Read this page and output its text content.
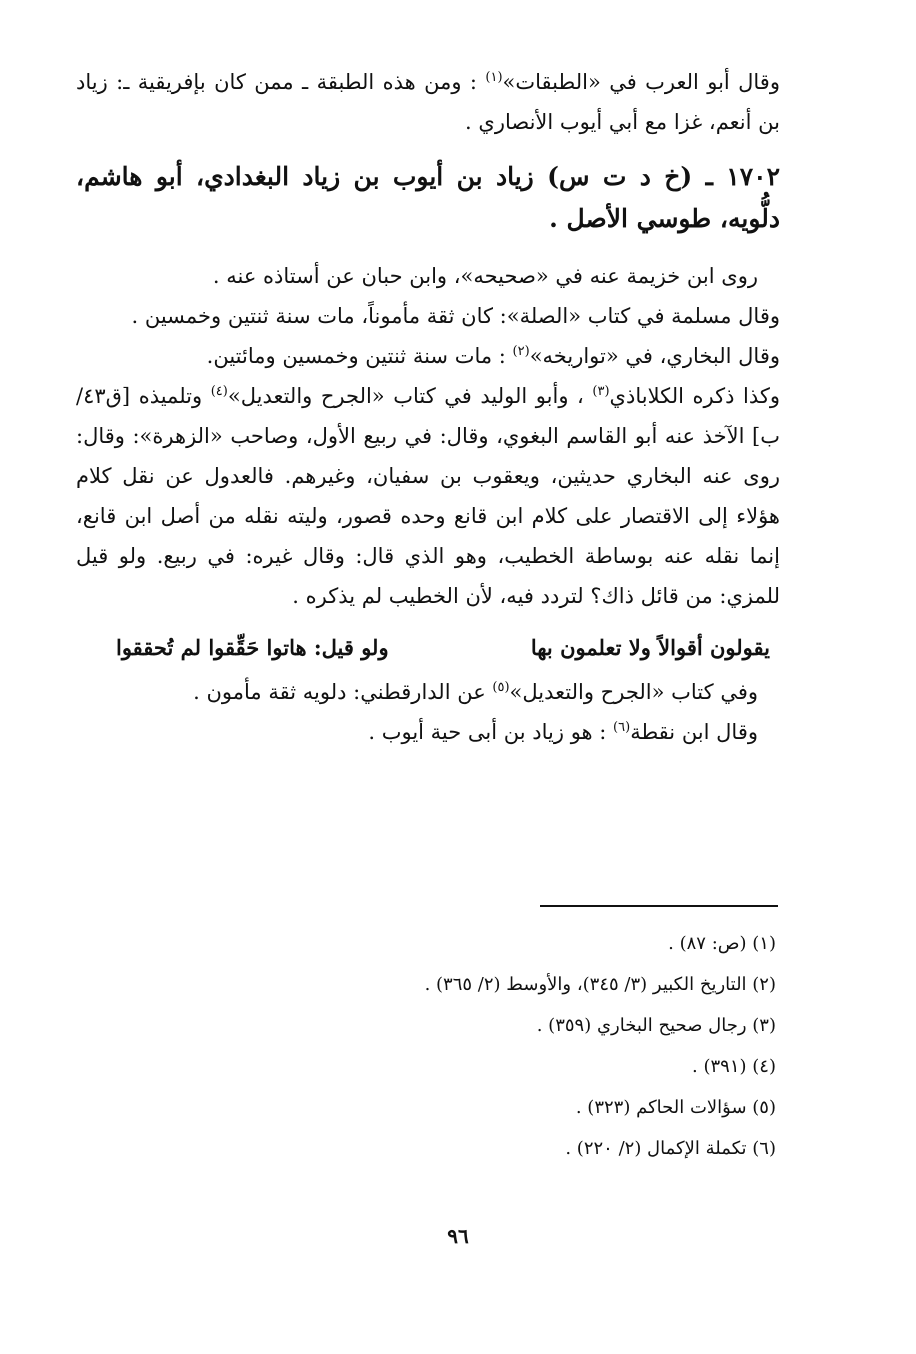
وقال أبو العرب في «الطبقات»$^{(١)}$ : ومن هذه الطبقة ـ ممن كان بإفريقية ـ: زياد بن أنعم، غزا مع أبي أيوب الأنصاري .

١٧٠٢ ـ (خ د ت س) زياد بن أيوب بن زياد البغدادي، أبو هاشم، دلُّويه، طوسي الأصل .

روى ابن خزيمة عنه في «صحيحه»، وابن حبان عن أستاذه عنه .

وقال مسلمة في كتاب «الصلة»: كان ثقة مأموناً، مات سنة ثنتين وخمسين .

وقال البخاري، في «تواريخه»$^{(٢)}$ : مات سنة ثنتين وخمسين ومائتين.

وكذا ذكره الكلاباذي$^{(٣)}$ ، وأبو الوليد في كتاب «الجرح والتعديل»$^{(٤)}$ وتلميذه [ق٤٣/ب] الآخذ عنه أبو القاسم البغوي، وقال: في ربيع الأول، وصاحب «الزهرة»: وقال: روى عنه البخاري حديثين، ويعقوب بن سفيان، وغيرهم. فالعدول عن نقل كلام هؤلاء إلى الاقتصار على كلام ابن قانع وحده قصور، وليته نقله من أصل ابن قانع، إنما نقله عنه بوساطة الخطيب، وهو الذي قال: وقال غيره: في ربيع. ولو قيل للمزي: من قائل ذاك؟ لتردد فيه، لأن الخطيب لم يذكره .

يقولون أقوالاً ولا تعلمون بها
ولو قيل: هاتوا حَقِّقوا لم تُحققوا

وفي كتاب «الجرح والتعديل»$^{(٥)}$ عن الدارقطني: دلويه ثقة مأمون .

وقال ابن نقطة$^{(٦)}$ : هو زياد بن أبى حية أيوب .

(١) (ص: ٨٧) .
(٢) التاريخ الكبير (٣/ ٣٤٥)، والأوسط (٢/ ٣٦٥) .
(٣) رجال صحيح البخاري (٣٥٩) .
(٤) (٣٩١) .
(٥) سؤالات الحاكم (٣٢٣) .
(٦) تكملة الإكمال (٢/ ٢٢٠) .
٩٦
